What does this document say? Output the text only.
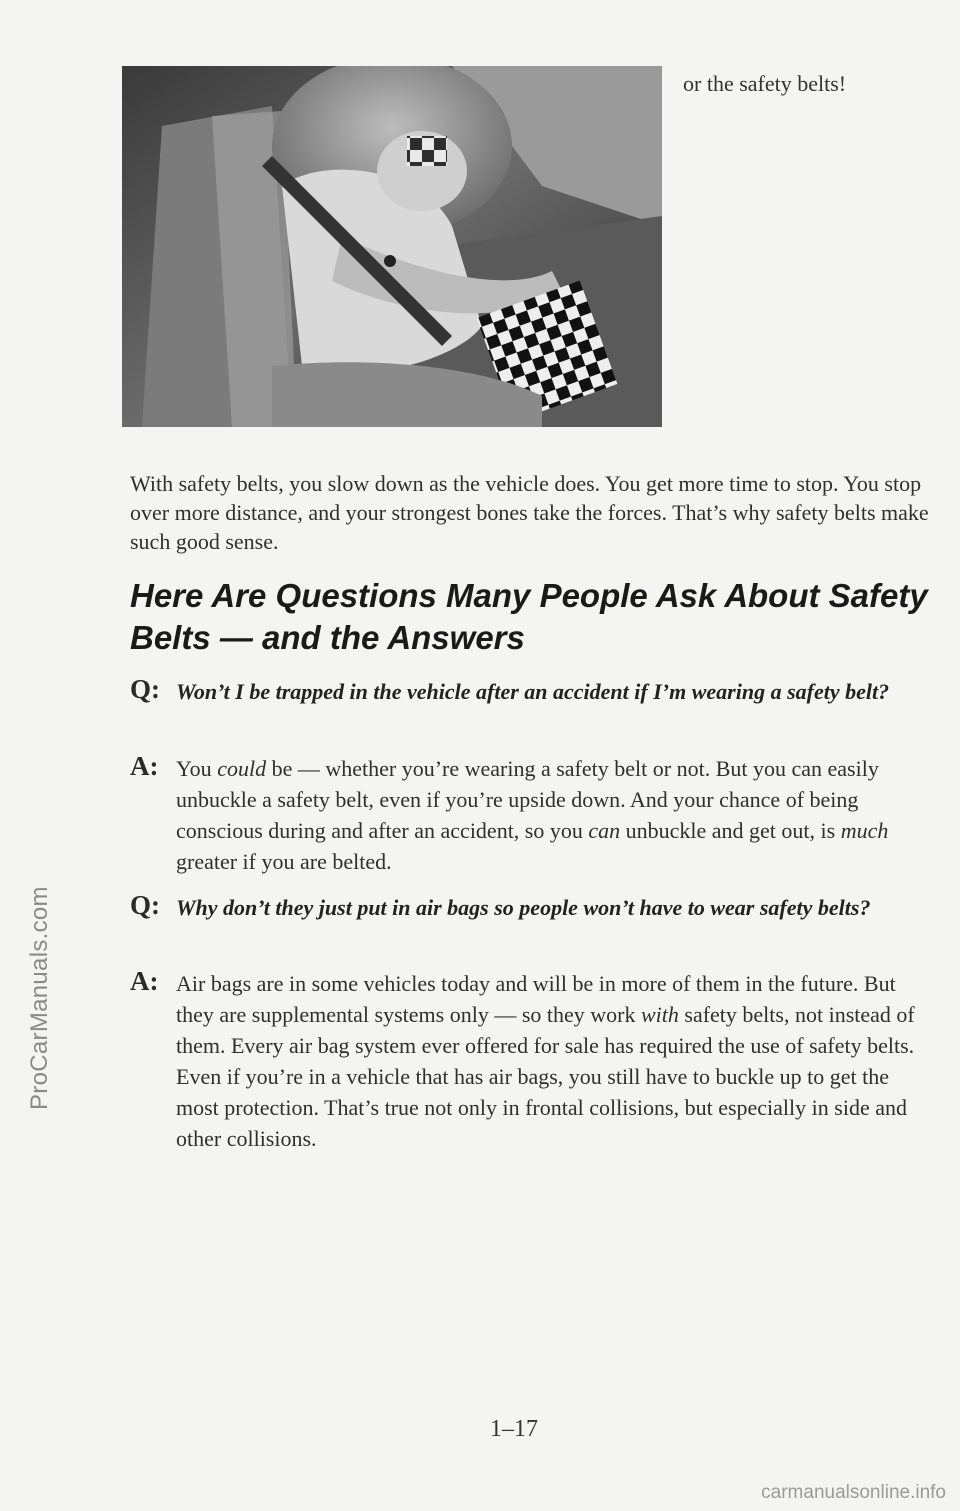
ProCarManuals.com
or the safety belts!

With safety belts, you slow down as the vehicle does. You get more time to stop. You stop over more distance, and your strongest bones take the forces. That’s why safety belts make such good sense.

Here Are Questions Many People Ask About Safety Belts — and the Answers
Q: Won’t I be trapped in the vehicle after an accident if I’m wearing a safety belt?
A: You could be — whether you’re wearing a safety belt or not. But you can easily unbuckle a safety belt, even if you’re upside down. And your chance of being conscious during and after an accident, so you can unbuckle and get out, is much greater if you are belted.
Q: Why don’t they just put in air bags so people won’t have to wear safety belts?
A: Air bags are in some vehicles today and will be in more of them in the future. But they are supplemental systems only — so they work with safety belts, not instead of them. Every air bag system ever offered for sale has required the use of safety belts. Even if you’re in a vehicle that has air bags, you still have to buckle up to get the most protection. That’s true not only in frontal collisions, but especially in side and other collisions.
1–17
carmanualsonline.info
